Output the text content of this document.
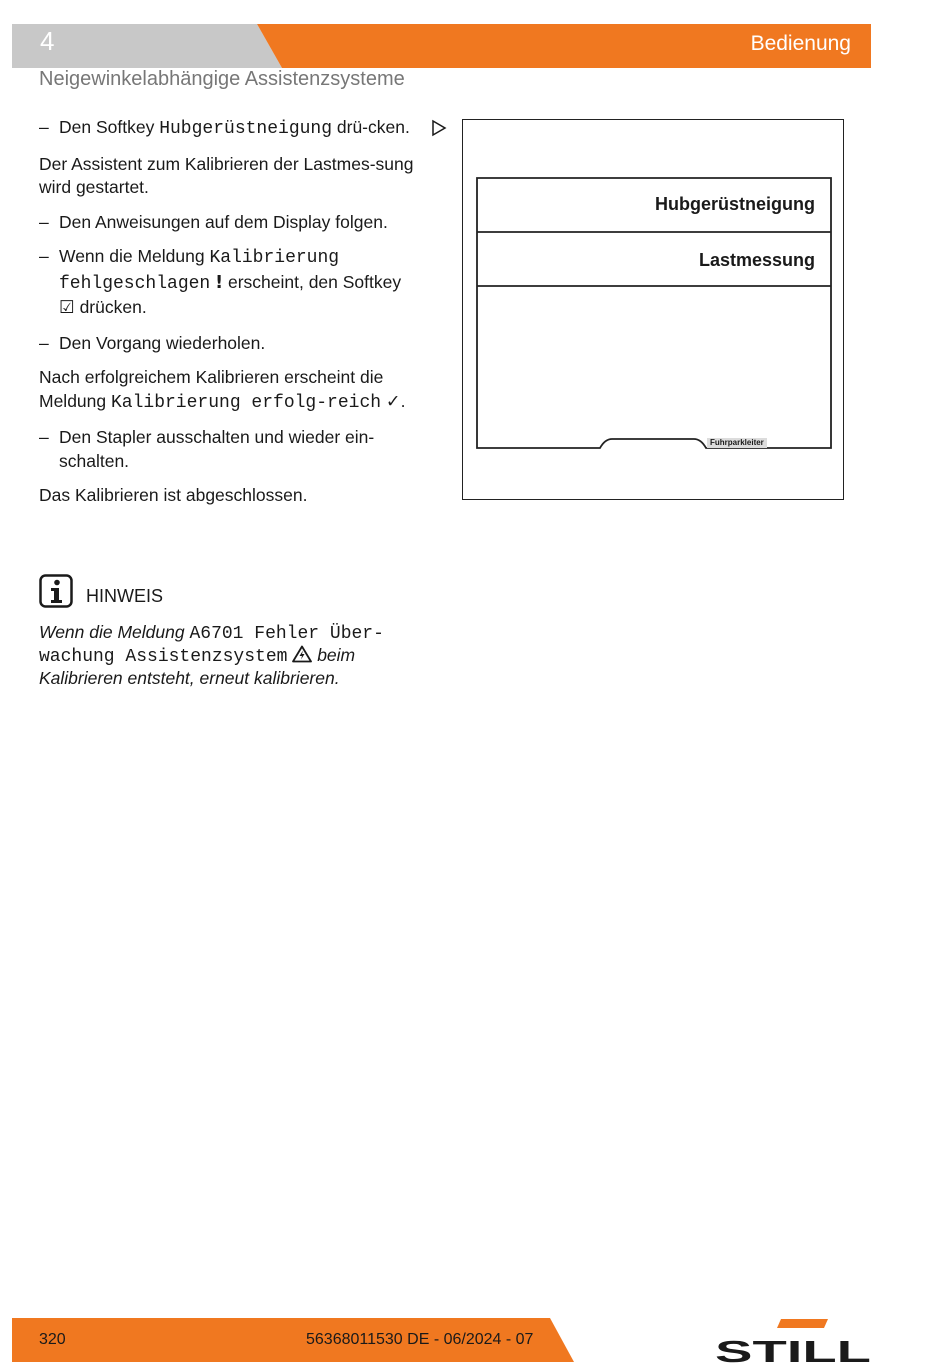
4	Bedienung
Neigewinkelabhängige Assistenzsysteme

– Den Softkey Hubgerüstneigung drü-cken.

Der Assistent zum Kalibrieren der Lastmes-sung wird gestartet.

– Den Anweisungen auf dem Display folgen.

– Wenn die Meldung Kalibrierung fehlgeschlagen ! erscheint, den Softkey ☑ drücken.

– Den Vorgang wiederholen.

Nach erfolgreichem Kalibrieren erscheint die Meldung Kalibrierung erfolg-reich ✓.

– Den Stapler ausschalten und wieder ein-schalten.

Das Kalibrieren ist abgeschlossen.

HINWEIS
Wenn die Meldung A6701 Fehler Über-wachung Assistenzsystem  beim Kalibrieren entsteht, erneut kalibrieren.
Hubgerüstneigung
Lastmessung
Fuhrparkleiter
320	56368011530 DE - 06/2024 - 07	STILL
